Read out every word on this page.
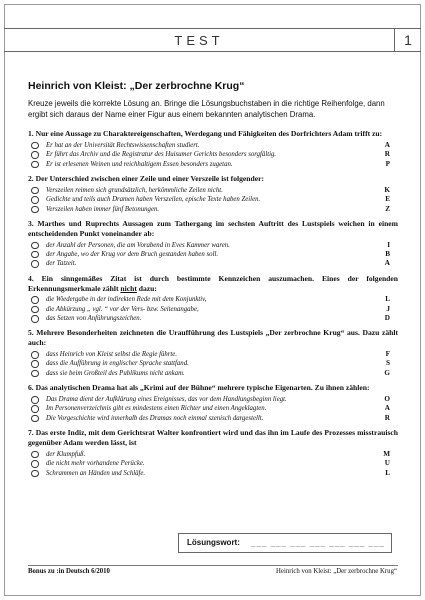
TEST	1
Heinrich von Kleist: „Der zerbrochne Krug“
Kreuze jeweils die korrekte Lösung an. Bringe die Lösungsbuchstaben in die richtige Reihenfolge, dann ergibt sich daraus der Name einer Figur aus einem bekannten analytischen Drama.
1. Nur eine Aussage zu Charaktereigenschaften, Werdegang und Fähigkeiten des Dorfrichters Adam trifft zu:
Er hat an der Universität Rechtswissenschaften studiert.	A
Er führt das Archiv und die Registratur des Huisumer Gerichts besonders sorgfältig.	R
Er ist erlesenen Weinen und reichhaltigem Essen besonders zugetan.	P
2. Der Unterschied zwischen einer Zeile und einer Verszeile ist folgender:
Verszeilen reimen sich grundsätzlich, herkömmliche Zeilen nicht.	K
Gedichte und teils auch Dramen haben Verszeilen, epische Texte haben Zeilen.	E
Verszeilen haben immer fünf Betonungen.	Z
3. Marthes und Ruprechts Aussagen zum Tathergang im sechsten Auftritt des Lustspiels weichen in einem entscheidenden Punkt voneinander ab:
der Anzahl der Personen, die am Vorabend in Eves Kammer waren.	I
der Angabe, wo der Krug vor dem Bruch gestanden haben soll.	B
der Tatzeit.	A
4. Ein sinngemäßes Zitat ist durch bestimmte Kennzeichen auszumachen. Eines der folgenden Erkennungsmerkmale zählt nicht dazu:
die Wiedergabe in der indirekten Rede mit dem Konjunktiv,	L
die Abkürzung „ vgl. “ vor der Vers- bzw. Seitenangabe,	J
das Setzen von Anführungszeichen.	D
5. Mehrere Besonderheiten zeichneten die Uraufführung des Lustspiels „Der zerbrochne Krug“ aus. Dazu zählt auch:
dass Heinrich von Kleist selbst die Regie führte.	F
dass die Aufführung in englischer Sprache stattfand.	S
dass sie beim Großteil des Publikums nicht ankam.	G
6. Das analytischen Drama hat als „Krimi auf der Bühne“ mehrere typische Eigenarten. Zu ihnen zählen:
Das Drama dient der Aufklärung eines Ereignisses, das vor dem Handlungsbeginn liegt.	O
Im Personenverzeichnis gibt es mindestens einen Richter und einen Angeklagten.	A
Die Vorgeschichte wird innerhalb des Dramas noch einmal szenisch dargestellt.	R
7. Das erste Indiz, mit dem Gerichtsrat Walter konfrontiert wird und das ihn im Laufe des Prozesses misstrauisch gegenüber Adam werden lässt, ist
der Klumpfuß.	M
die nicht mehr vorhandene Perücke.	U
Schrammen an Händen und Schläfe.	L
Lösungswort: ___ ___ ___ ___ ___ ___ ___
Bonus zu :in Deutsch 6/2010	Heinrich von Kleist: „Der zerbrochne Krug“
